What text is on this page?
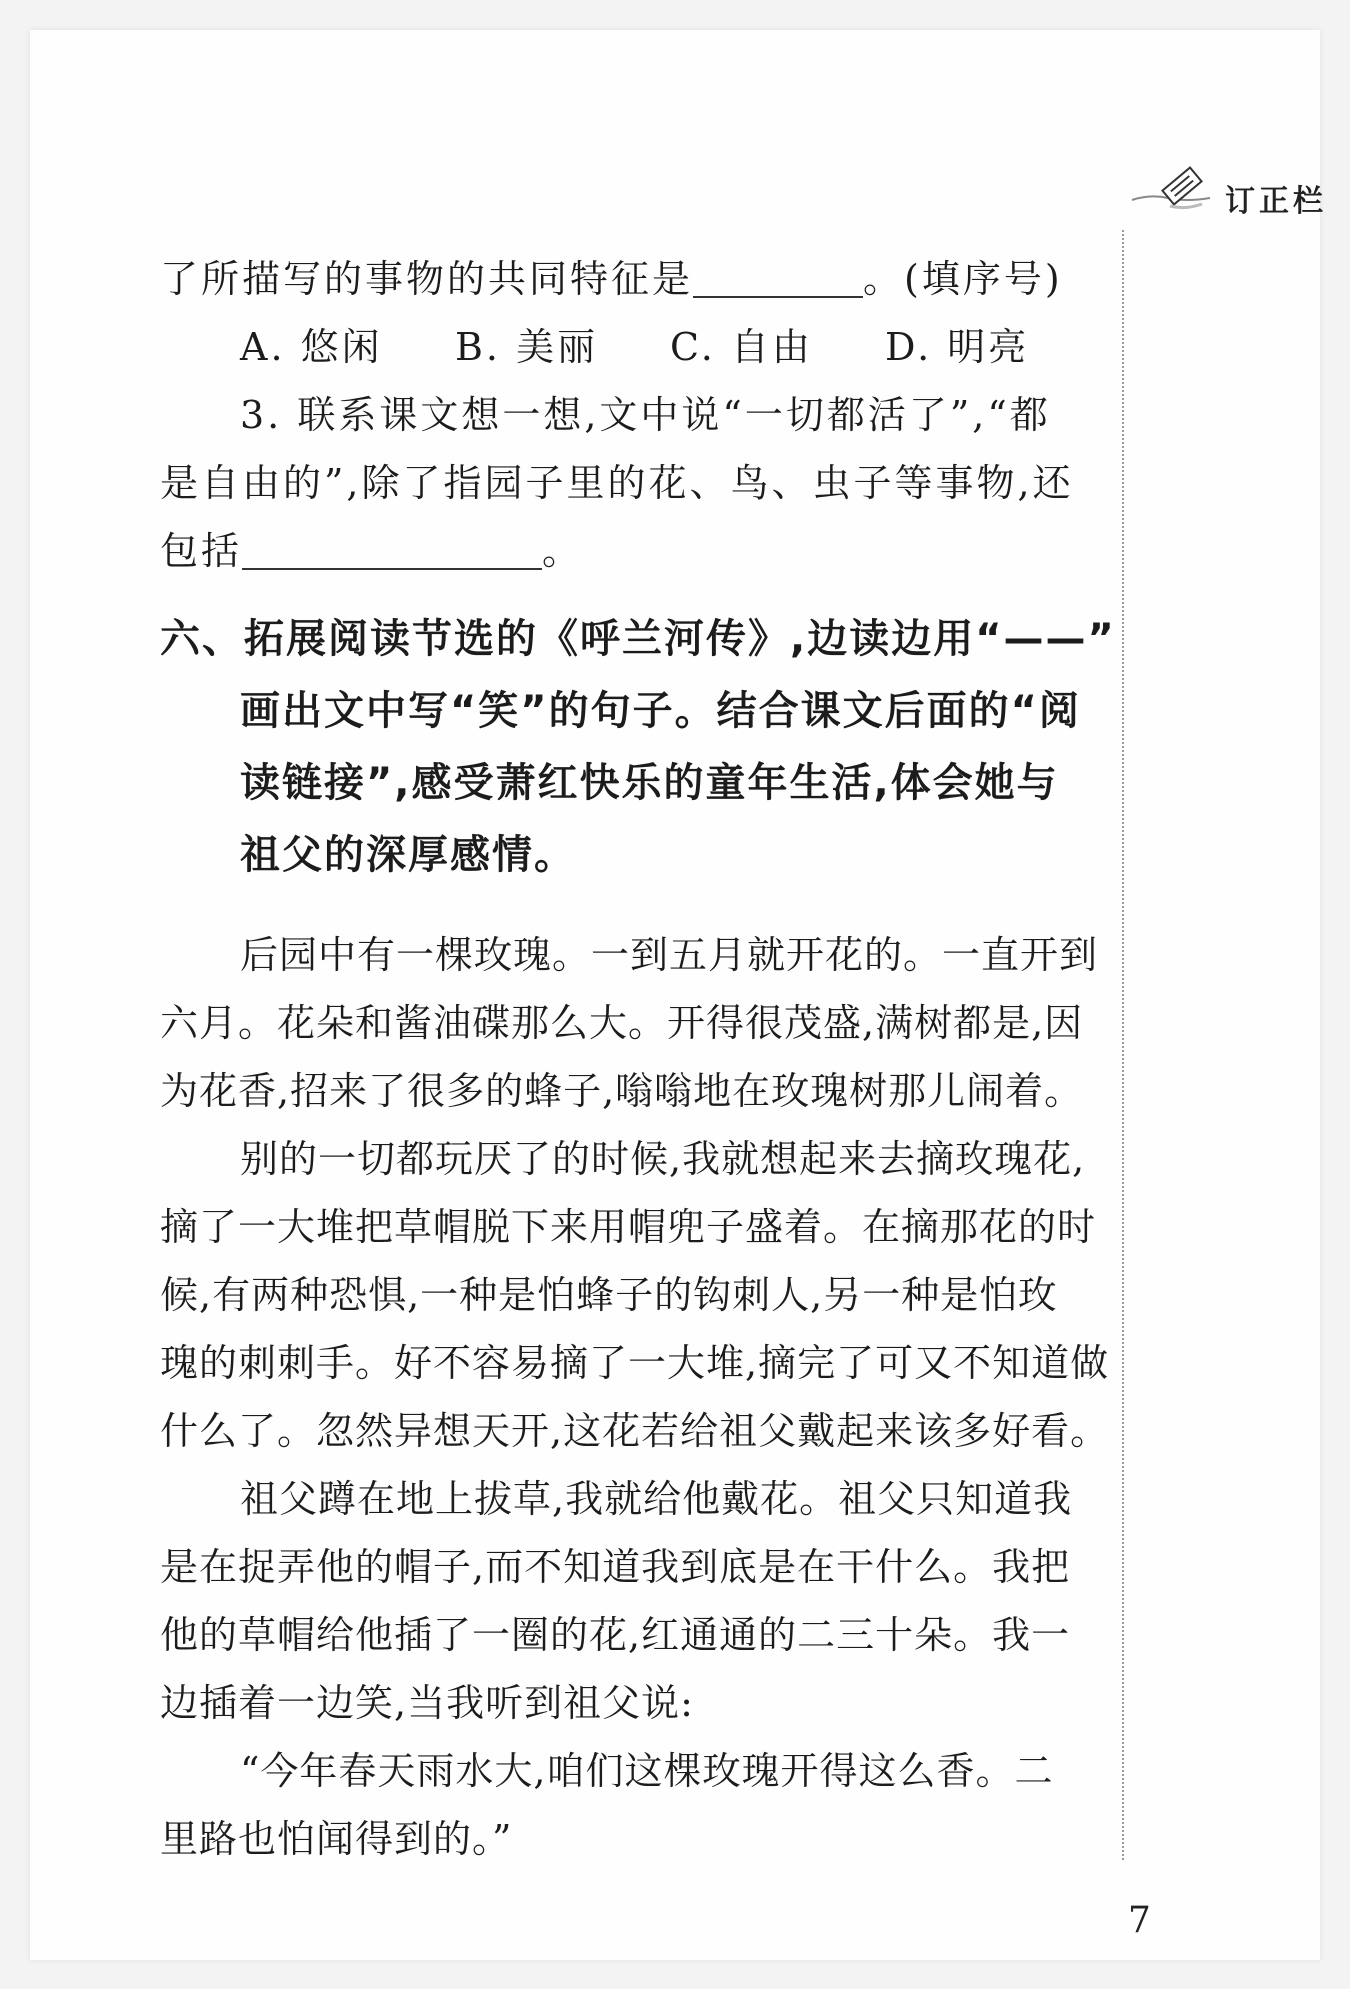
订正栏
了所描写的事物的共同特征是	。(填序号)
A. 悠闲	B. 美丽	C. 自由	D. 明亮
3. 联系课文想一想,文中说“一切都活了”,“都
是自由的”,除了指园子里的花、鸟、虫子等事物,还
包括	。
六、拓展阅读节选的《呼兰河传》,边读边用“——”
画出文中写“笑”的句子。结合课文后面的“阅
读链接”,感受萧红快乐的童年生活,体会她与
祖父的深厚感情。
后园中有一棵玫瑰。一到五月就开花的。一直开到
六月。花朵和酱油碟那么大。开得很茂盛,满树都是,因
为花香,招来了很多的蜂子,嗡嗡地在玫瑰树那儿闹着。
别的一切都玩厌了的时候,我就想起来去摘玫瑰花,
摘了一大堆把草帽脱下来用帽兜子盛着。在摘那花的时
候,有两种恐惧,一种是怕蜂子的钩刺人,另一种是怕玫
瑰的刺刺手。好不容易摘了一大堆,摘完了可又不知道做
什么了。忽然异想天开,这花若给祖父戴起来该多好看。
祖父蹲在地上拔草,我就给他戴花。祖父只知道我
是在捉弄他的帽子,而不知道我到底是在干什么。我把
他的草帽给他插了一圈的花,红通通的二三十朵。我一
边插着一边笑,当我听到祖父说:
“今年春天雨水大,咱们这棵玫瑰开得这么香。二
里路也怕闻得到的。”
7
